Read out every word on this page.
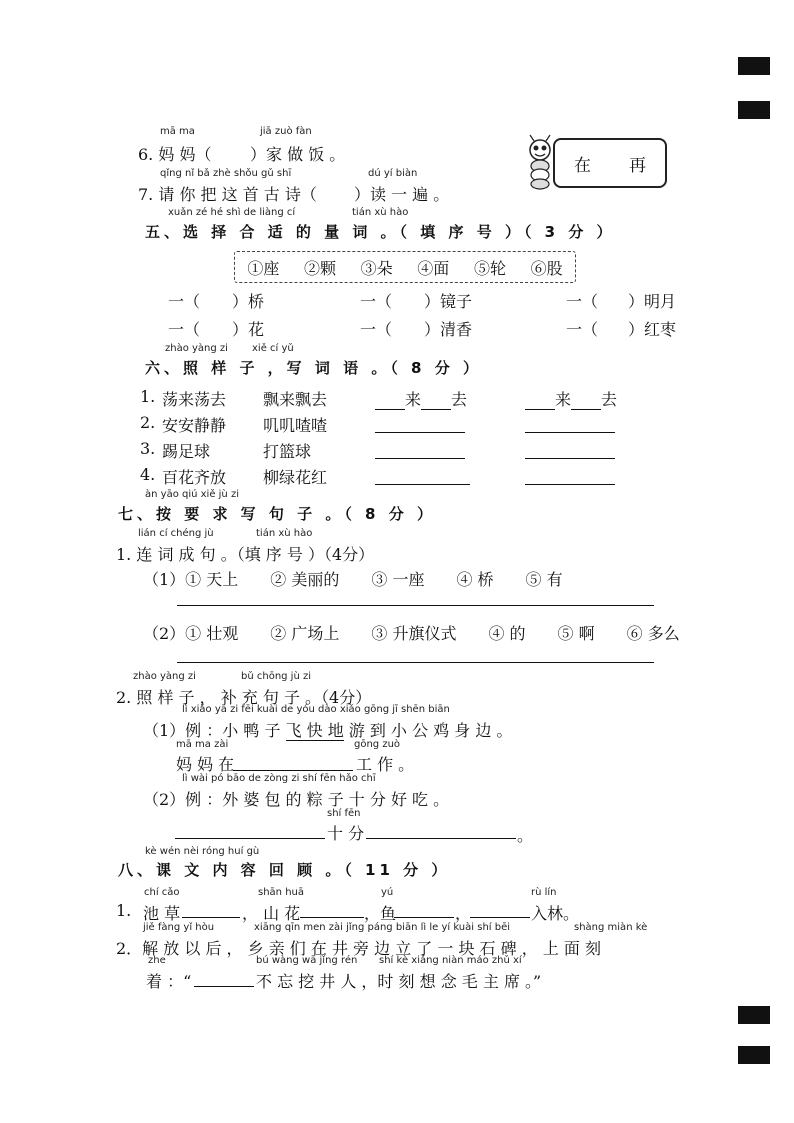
mā ma	jiā zuò fàn
6. 妈 妈（ ）家 做 饭 。
qǐng nǐ bǎ zhè shǒu gǔ shī	dú yí biàn
7. 请 你 把 这 首 古 诗（ ）读 一 遍 。
在 再
xuǎn zé hé shì de liàng cí	tián xù hào
五、选 择 合 适 的 量 词 。（ 填 序 号 ）（ 3 分 ）
①座 ②颗 ③朵 ④面 ⑤轮 ⑥股
一（ ）桥	一（ ）镜子	一（ ）明月
一（ ）花	一（ ）清香	一（ ）红枣
zhào yàng zi xiě cí yǔ
六、照 样 子 ，写 词 语 。（ 8 分 ）
1. 荡来荡去 飘来飘去	来 去	来 去
2. 安安静静 叽叽喳喳
3. 踢足球	打篮球
4. 百花齐放 柳绿花红
àn yāo qiú xiě jù zi
七、按 要 求 写 句 子 。（ 8 分 ）
lián cí chéng jù	tián xù hào
1. 连 词 成 句 。（填 序 号 ）（4分）
（1）① 天上　　② 美丽的　　③ 一座　　④ 桥　　⑤ 有
（2）① 壮观　　② 广场上　　③ 升旗仪式　　④ 的　　⑤ 啊　　⑥ 多么
zhào yàng zi	bǔ chōng jù zi
2. 照 样 子 ， 补 充 句 子 。（4分）
lì xiǎo yā zi fēi kuài de yóu dào xiǎo gōng jī shēn biān
（1）例 ：小 鸭 子 飞 快 地 游 到 小 公 鸡 身 边 。
mā ma zài	gōng zuò
妈 妈 在	工 作 。
lì wài pó bāo de zòng zi shí fēn hǎo chī
（2）例 ：外 婆 包 的 粽 子 十 分 好 吃 。
shí fēn
十 分	。
kè wén nèi róng huí gù
八、课 文 内 容 回 顾 。（ 11 分 ）
chí cǎo	shān huā	yú	rù lín
1. 池 草	， 山 花	，鱼	，	入林。
jiě fàng yǐ hòu	xiāng qīn men zài jǐng páng biān lì le yí kuài shí bēi	shàng miàn kè
2．解 放 以 后 ， 乡 亲 们 在 井 旁 边 立 了 一 块 石 碑 ， 上 面 刻
zhe	bú wàng wā jǐng rén shí kè xiǎng niàn máo zhǔ xí
着 ：“	不 忘 挖 井 人 ，时 刻 想 念 毛 主 席 。”
